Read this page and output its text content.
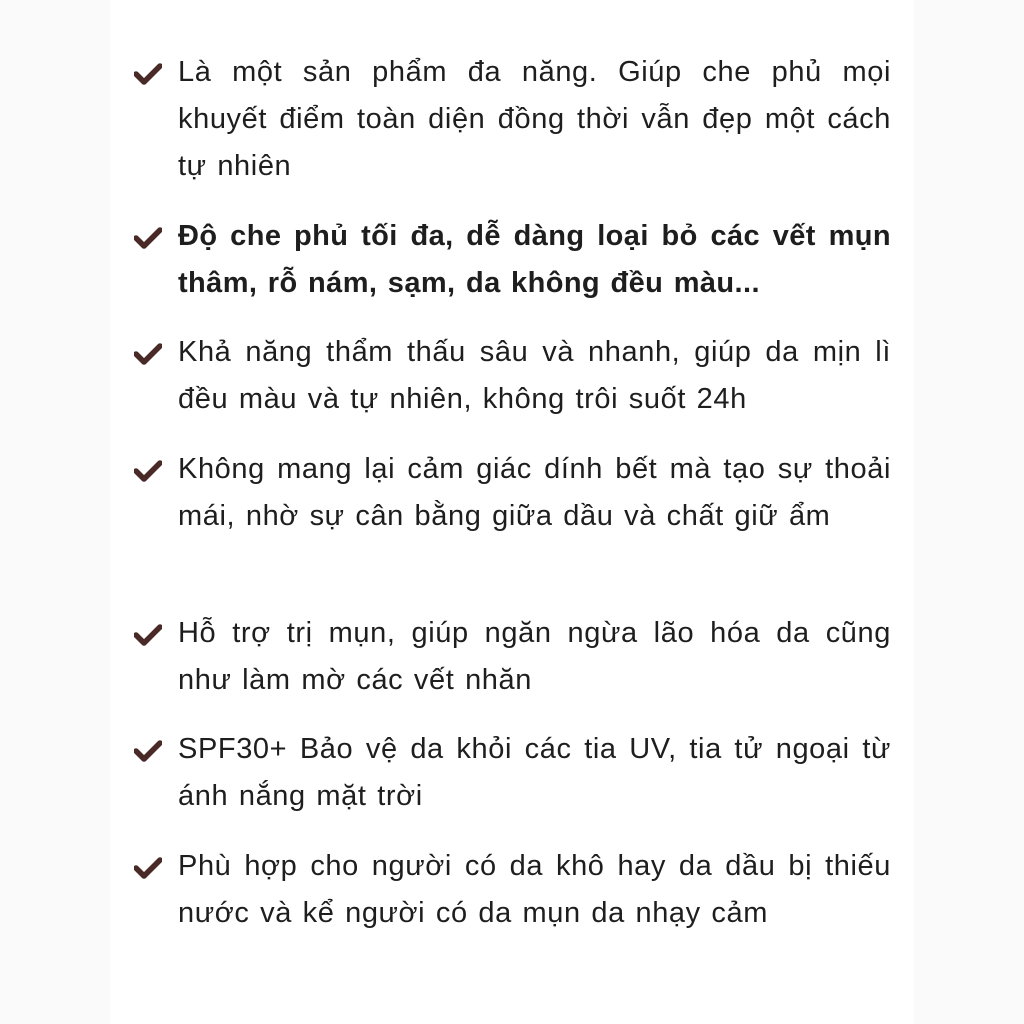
Là một sản phẩm đa năng. Giúp che phủ mọi khuyết điểm toàn diện đồng thời vẫn đẹp một cách tự nhiên

Độ che phủ tối đa, dễ dàng loại bỏ các vết mụn thâm, rỗ nám, sạm, da không đều màu...

Khả năng thẩm thấu sâu và nhanh, giúp da mịn lì đều màu và tự nhiên, không trôi suốt 24h

Không mang lại cảm giác dính bết mà tạo sự thoải mái, nhờ sự cân bằng giữa dầu và chất giữ ẩm

Hỗ trợ trị mụn, giúp ngăn ngừa lão hóa da cũng như làm mờ các vết nhăn

SPF30+ Bảo vệ da khỏi các tia UV, tia tử ngoại từ ánh nắng mặt trời

Phù hợp cho người có da khô hay da dầu bị thiếu nước và kể người có da mụn da nhạy cảm
